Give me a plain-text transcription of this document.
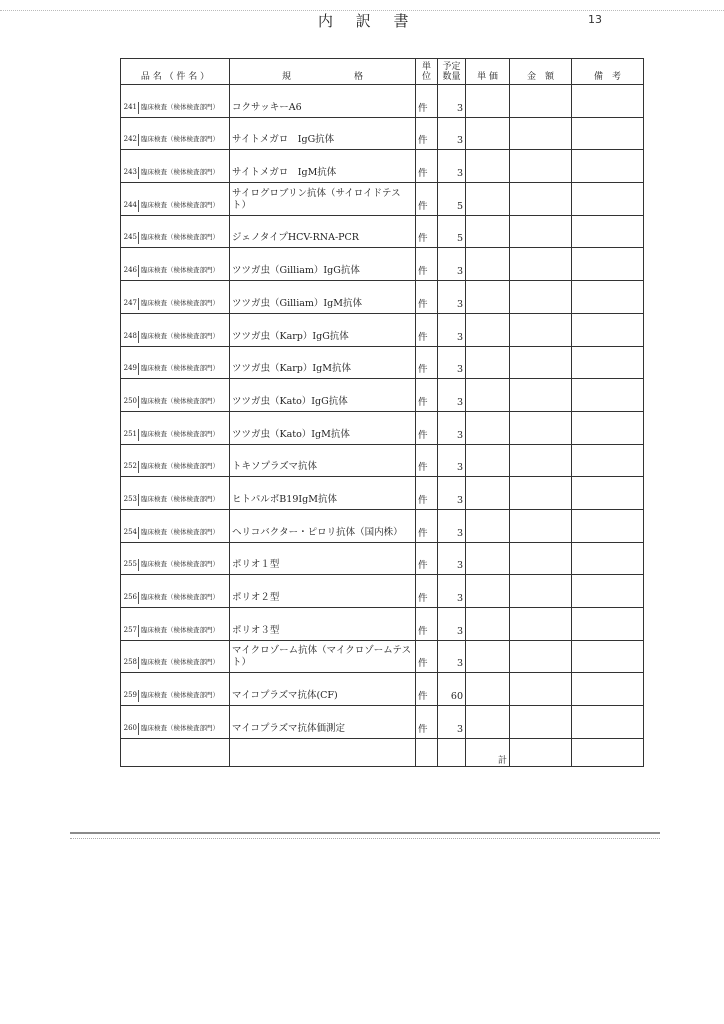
内 訳 書	13
品 名 （ 件 名 ）	規　　　　　　　格	単位	予定数量	単 価	金　額	備　考

241 臨床検査（検体検査部門）	コクサッキーA6	件	3			

242 臨床検査（検体検査部門）	サイトメガロ　IgG抗体	件	3			

243 臨床検査（検体検査部門）	サイトメガロ　IgM抗体	件	3			

244 臨床検査（検体検査部門）	サイログロブリン抗体（サイロイドテスト）	件	5			

245 臨床検査（検体検査部門）	ジェノタイプHCV-RNA-PCR	件	5			

246 臨床検査（検体検査部門）	ツツガ虫（Gilliam）IgG抗体	件	3			

247 臨床検査（検体検査部門）	ツツガ虫（Gilliam）IgM抗体	件	3			

248 臨床検査（検体検査部門）	ツツガ虫（Karp）IgG抗体	件	3			

249 臨床検査（検体検査部門）	ツツガ虫（Karp）IgM抗体	件	3			

250 臨床検査（検体検査部門）	ツツガ虫（Kato）IgG抗体	件	3			

251 臨床検査（検体検査部門）	ツツガ虫（Kato）IgM抗体	件	3			

252 臨床検査（検体検査部門）	トキソプラズマ抗体	件	3			

253 臨床検査（検体検査部門）	ヒトパルボB19IgM抗体	件	3			

254 臨床検査（検体検査部門）	ヘリコバクター・ピロリ抗体（国内株）	件	3			

255 臨床検査（検体検査部門）	ポリオ１型	件	3			

256 臨床検査（検体検査部門）	ポリオ２型	件	3			

257 臨床検査（検体検査部門）	ポリオ３型	件	3			

258 臨床検査（検体検査部門）	マイクロゾーム抗体（マイクロゾームテスト）	件	3			

259 臨床検査（検体検査部門）	マイコプラズマ抗体(CF)	件	60			

260 臨床検査（検体検査部門）	マイコプラズマ抗体価測定	件	3			
				計		
